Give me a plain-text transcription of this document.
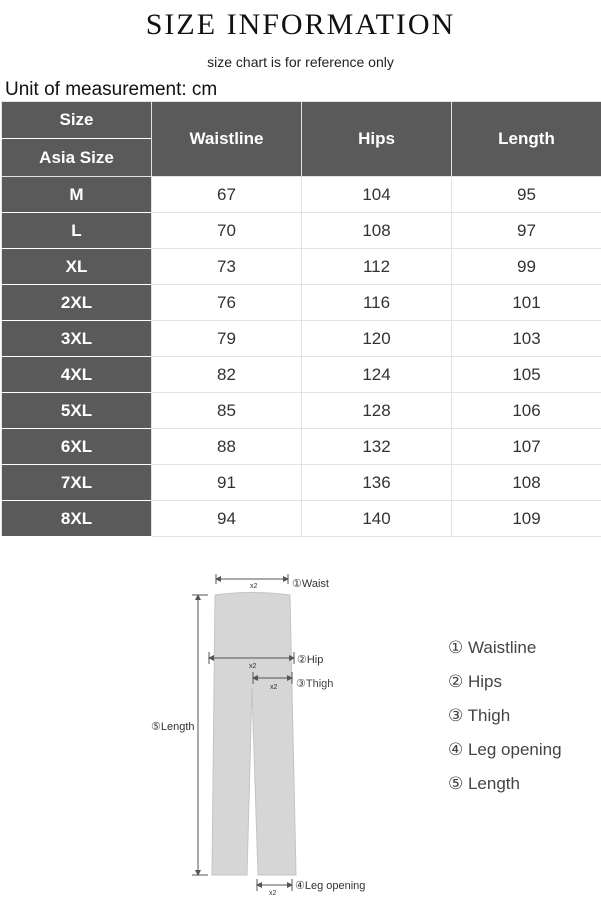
SIZE INFORMATION
size chart is for reference only
Unit of measurement: cm
Size	Waistline	Hips	Length
Asia Size			
M	67	104	95
L	70	108	97
XL	73	112	99
2XL	76	116	101
3XL	79	120	103
4XL	82	124	105
5XL	85	128	106
6XL	88	132	107
7XL	91	136	108
8XL	94	140	109
x2	①Waist
x2
②Hip
x2 ③Thigh
⑤Length
x2
④Leg opening
① Waistline
② Hips
③ Thigh
④ Leg opening
⑤ Length
